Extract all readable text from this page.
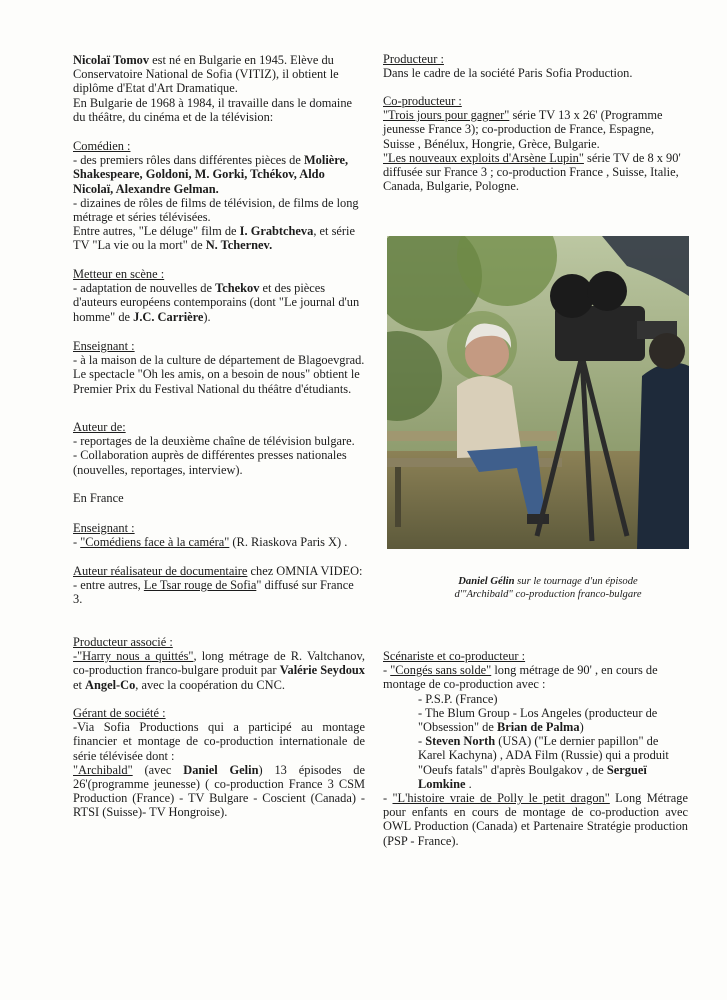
Nicolaï Tomov est né en Bulgarie en 1945. Elève du Conservatoire National de Sofia (VITIZ), il obtient le diplôme d'Etat d'Art Dramatique.

En Bulgarie de 1968 à 1984, il travaille dans le domaine du théâtre, du cinéma et de la télévision:

Comédien :

- des premiers rôles dans différentes pièces de Molière, Shakespeare, Goldoni, M. Gorki, Tchékov, Aldo Nicolaï, Alexandre Gelman.

- dizaines de rôles de films de télévision, de films de long métrage et séries télévisées.

Entre autres, "Le déluge" film de I. Grabtcheva, et série TV "La vie ou la mort" de N. Tchernev.

Metteur en scène :

- adaptation de nouvelles de Tchekov et des pièces d'auteurs européens contemporains (dont "Le journal d'un homme" de J.C. Carrière).

Enseignant :

- à la maison de la culture de département de Blagoevgrad. Le spectacle "Oh les amis, on a besoin de nous" obtient le Premier Prix du Festival National du théâtre d'étudiants.

Auteur de:

- reportages de la deuxième chaîne de télévision bulgare.

- Collaboration auprès de différentes presses nationales (nouvelles, reportages, interview).

En France

Enseignant :

- "Comédiens face à la caméra" (R. Riaskova Paris X) .

Auteur réalisateur de documentaire chez OMNIA VIDEO:

- entre autres, Le Tsar rouge de Sofia" diffusé sur France 3.

Producteur associé :

-"Harry nous a quittés", long métrage de R. Valtchanov, co-production franco-bulgare produit par Valérie Seydoux et Angel-Co, avec la coopération du CNC.

Gérant de société :

-Via Sofia Productions qui a participé au montage financier et montage de co-production internationale de série télévisée dont :

"Archibald" (avec Daniel Gelin) 13 épisodes de 26'(programme jeunesse) ( co-production France 3 CSM Production (France) - TV Bulgare - Coscient (Canada) - RTSI (Suisse)- TV Hongroise).

Producteur :

Dans le cadre de la société Paris Sofia Production.

Co-producteur :

"Trois jours pour gagner" série TV 13 x 26' (Programme jeunesse France 3); co-production de France, Espagne, Suisse , Bénélux, Hongrie, Grèce, Bulgarie.

"Les nouveaux exploits d'Arsène Lupin" série TV de 8 x 90' diffusée sur France 3 ; co-production France , Suisse, Italie, Canada, Bulgarie, Pologne.

Scénariste et co-producteur :

- "Congés sans solde" long métrage de 90' , en cours de montage de co-production avec :

- P.S.P. (France)

- The Blum Group - Los Angeles (producteur de "Obsession" de Brian de Palma)

- Steven North (USA) ("Le dernier papillon" de Karel Kachyna) , ADA Film (Russie) qui a produit "Oeufs fatals" d'après Boulgakov , de Sergueï Lomkine .

- "L'histoire vraie de Polly le petit dragon" Long Métrage pour enfants en cours de montage de co-production avec OWL Production (Canada) et Partenaire Stratégie production (PSP - France).

Daniel Gélin sur le tournage d'un épisode
d'"Archibald" co-production franco-bulgare
